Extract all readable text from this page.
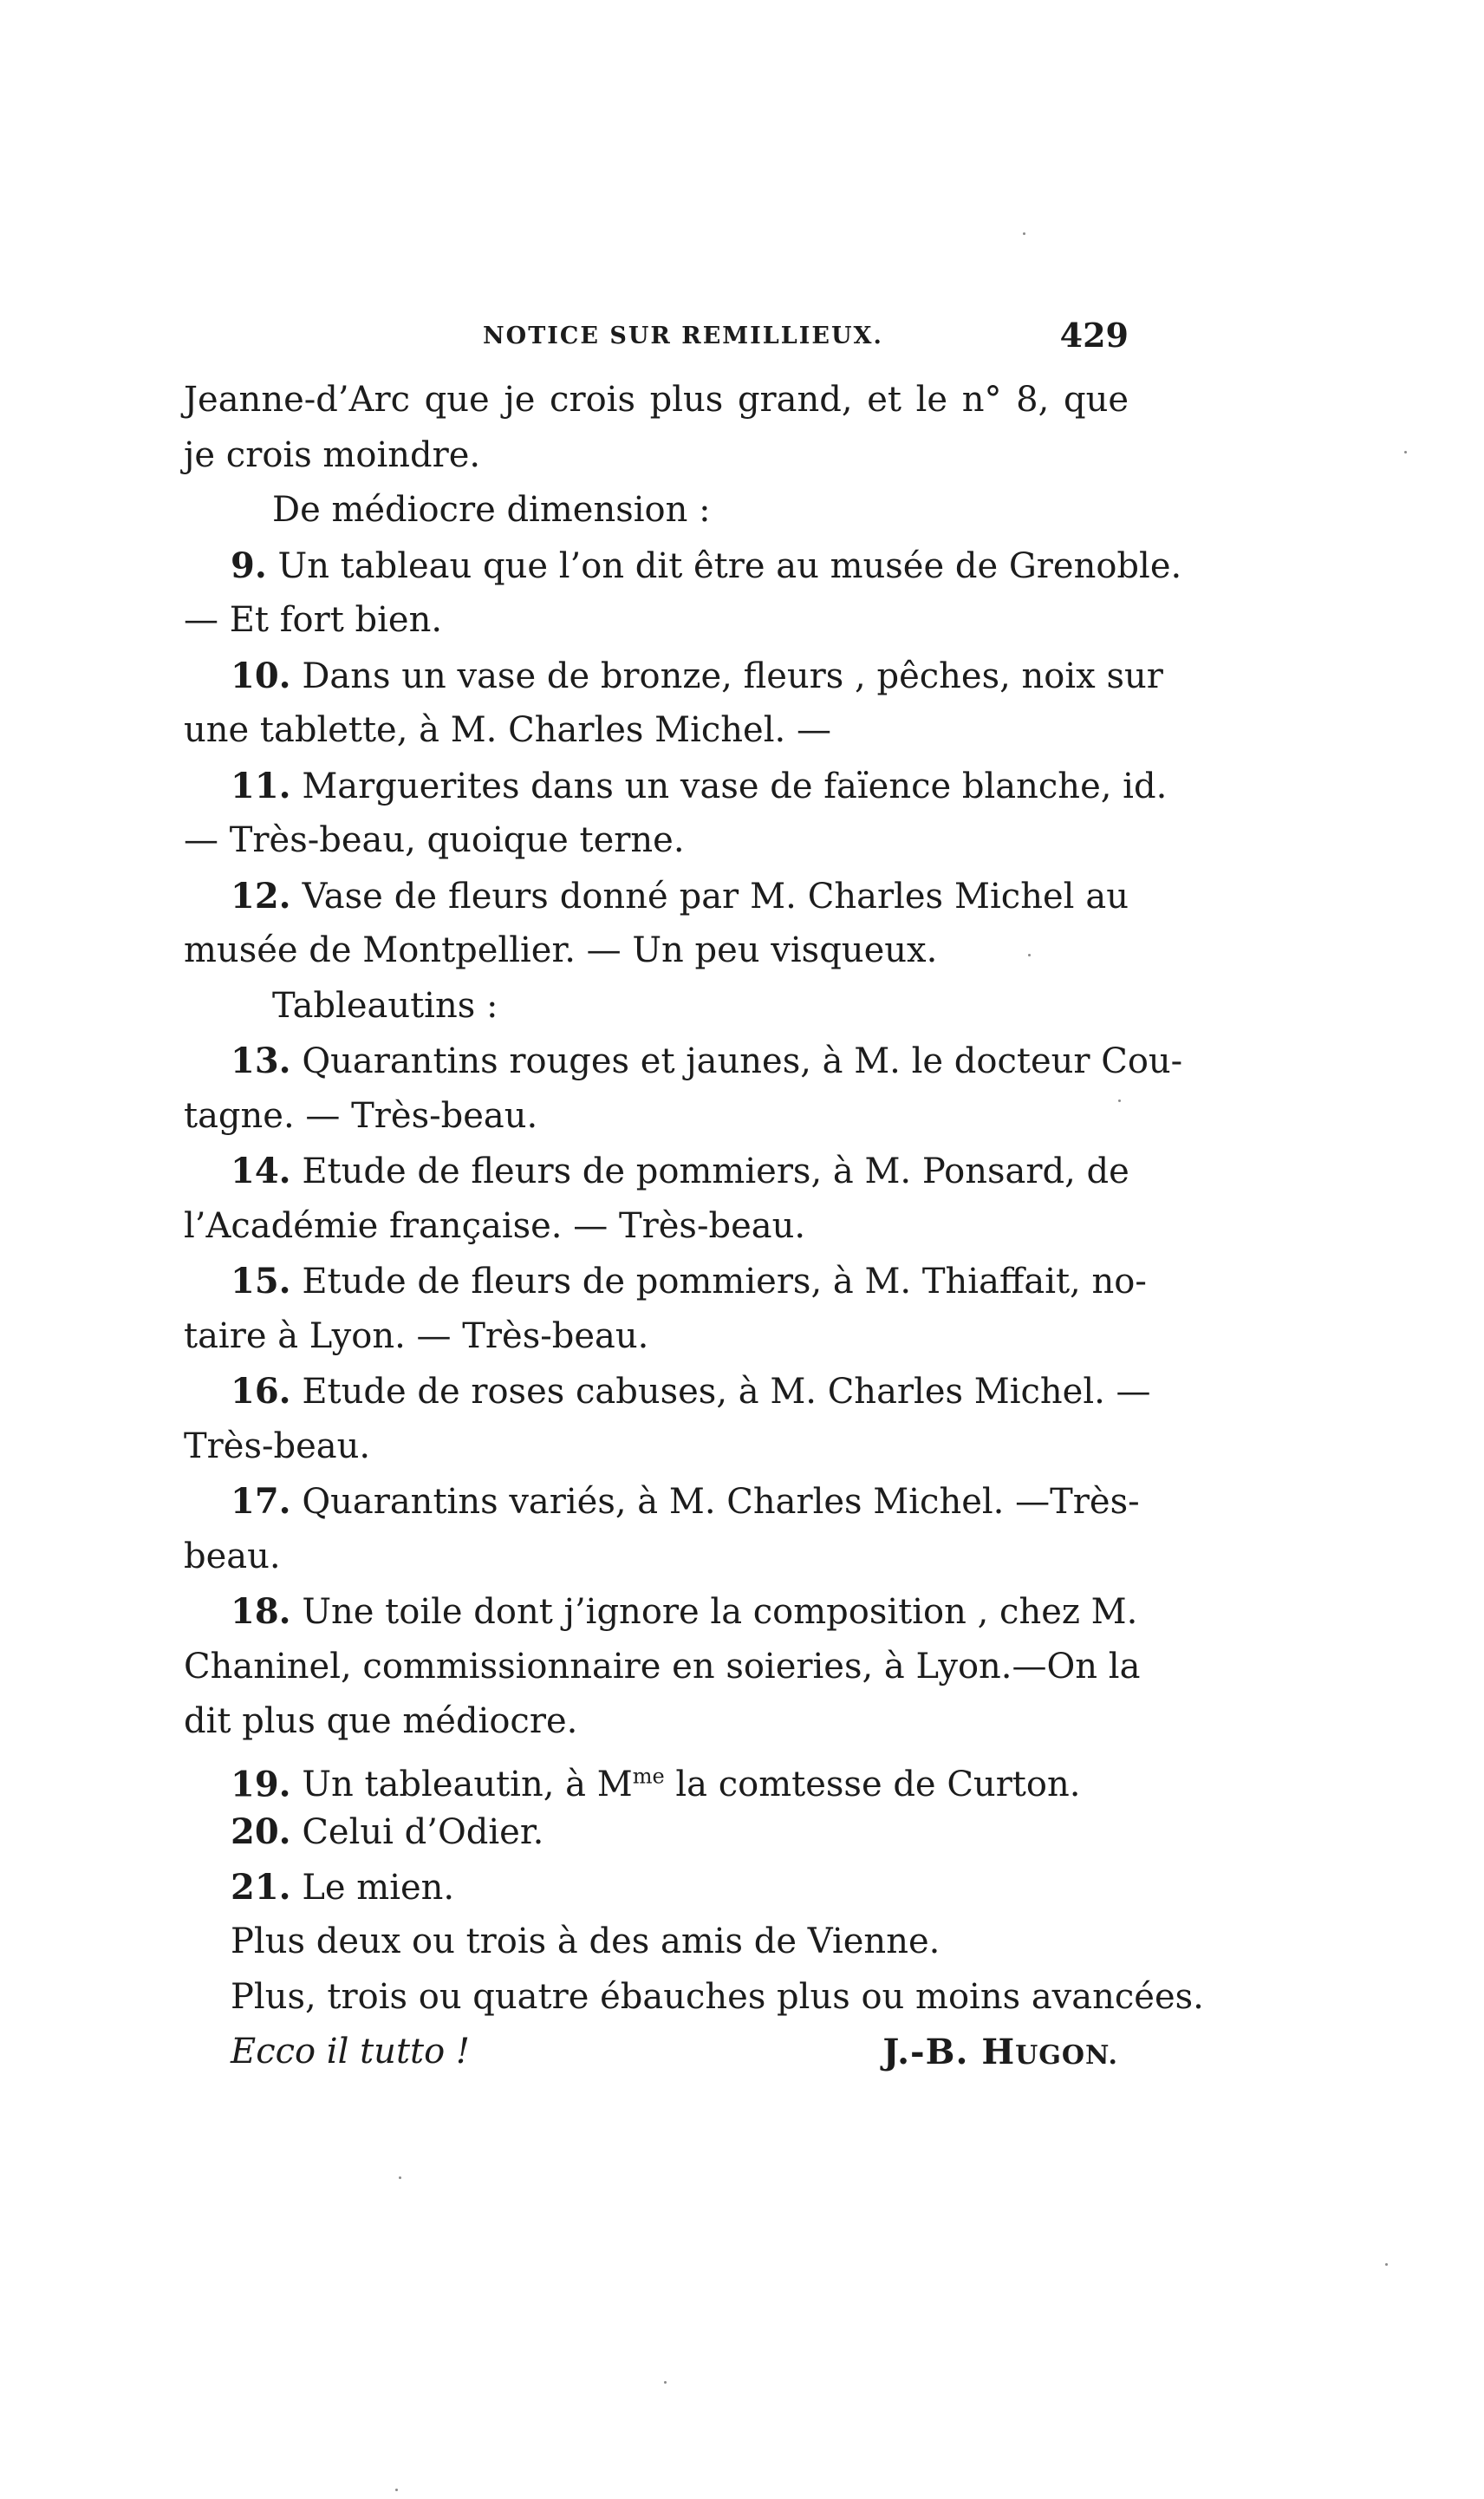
NOTICE SUR REMILLIEUX.	429
Jeanne-d’Arc que je crois plus grand, et le n° 8, que
je crois moindre.
De médiocre dimension :
9. Un tableau que l’on dit être au musée de Grenoble.
— Et fort bien.
10. Dans un vase de bronze, fleurs , pêches, noix sur
une tablette, à M. Charles Michel. —
11. Marguerites dans un vase de faïence blanche, id.
— Très-beau, quoique terne.
12. Vase de fleurs donné par M. Charles Michel au
musée de Montpellier. — Un peu visqueux.
Tableautins :
13. Quarantins rouges et jaunes, à M. le docteur Cou-
tagne. — Très-beau.
14. Etude de fleurs de pommiers, à M. Ponsard, de
l’Académie française. — Très-beau.
15. Etude de fleurs de pommiers, à M. Thiaffait, no-
taire à Lyon. — Très-beau.
16. Etude de roses cabuses, à M. Charles Michel. —
Très-beau.
17. Quarantins variés, à M. Charles Michel. —Très-
beau.
18. Une toile dont j’ignore la composition , chez M.
Chaninel, commissionnaire en soieries, à Lyon.—On la
dit plus que médiocre.
19. Un tableautin, à $M^{me}$ la comtesse de Curton.
20. Celui d’Odier.
21. Le mien.
Plus deux ou trois à des amis de Vienne.
Plus, trois ou quatre ébauches plus ou moins avancées.
Ecco il tutto !	J.-B. HUGON.
